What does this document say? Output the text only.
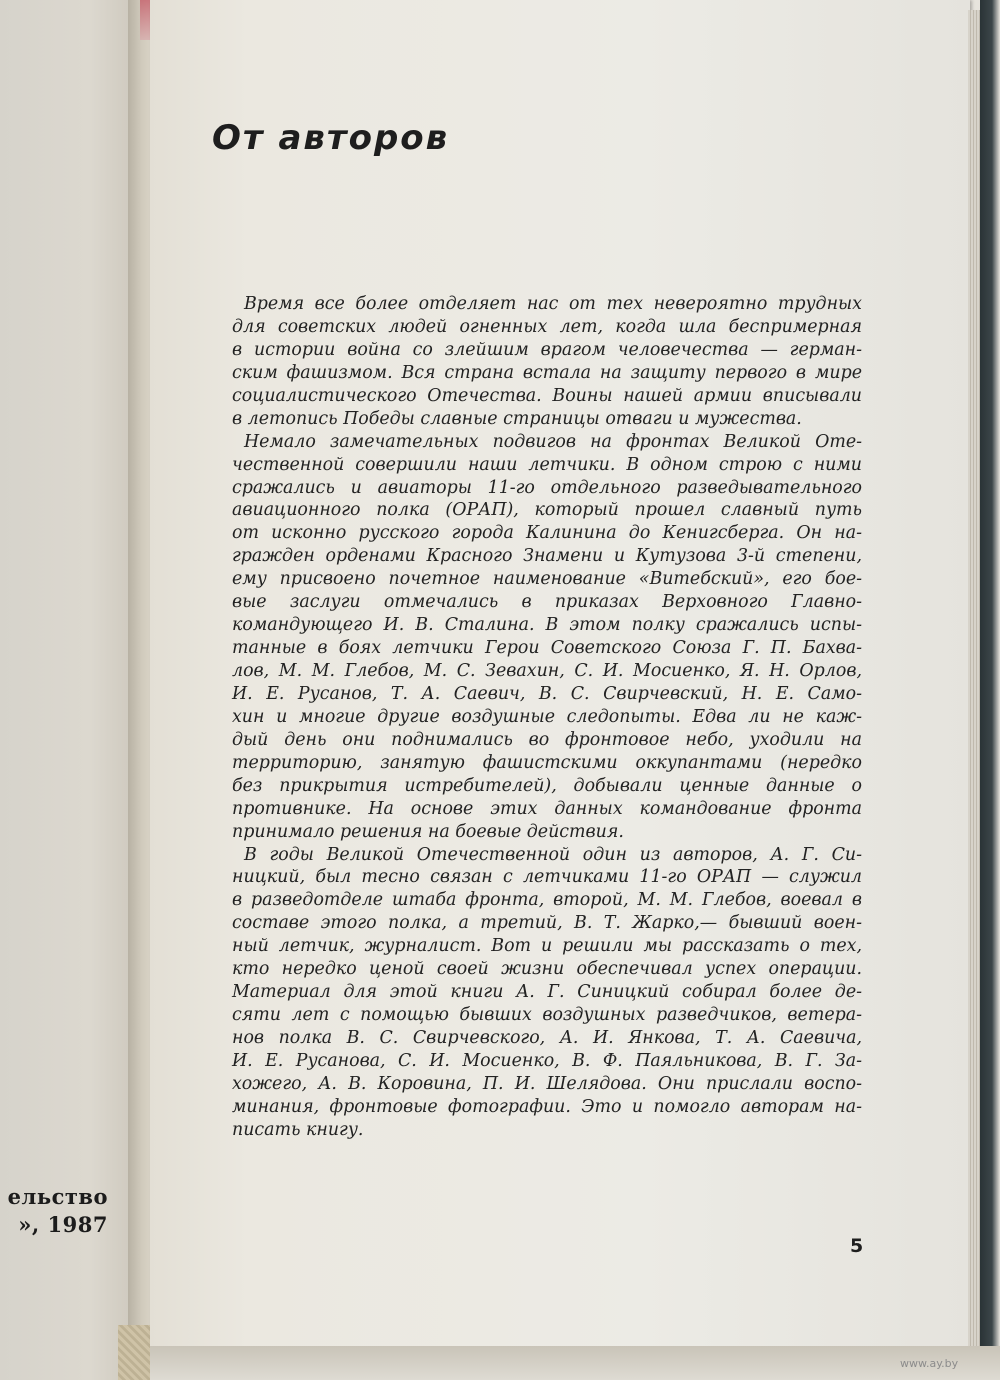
ельство
», 1987
От авторов
Время все более отделяет нас от тех невероятно трудных
для советских людей огненных лет, когда шла беспримерная
в истории война со злейшим врагом человечества — герман-
ским фашизмом. Вся страна встала на защиту первого в мире
социалистического Отечества. Воины нашей армии вписывали
в летопись Победы славные страницы отваги и мужества.
Немало замечательных подвигов на фронтах Великой Оте-
чественной совершили наши летчики. В одном строю с ними
сражались и авиаторы 11-го отдельного разведывательного
авиационного полка (ОРАП), который прошел славный путь
от исконно русского города Калинина до Кенигсберга. Он на-
гражден орденами Красного Знамени и Кутузова 3-й степени,
ему присвоено почетное наименование «Витебский», его боe-
вые заслуги отмечались в приказах Верховного Главно-
командующего И. В. Сталина. В этом полку сражались испы-
танные в боях летчики Герои Советского Союза Г. П. Бахва-
лов, М. М. Глебов, М. С. Зевахин, С. И. Мосиенко, Я. Н. Орлов,
И. Е. Русанов, Т. А. Саевич, В. С. Свирчевский, Н. Е. Само-
хин и многие другие воздушные следопыты. Едва ли не каж-
дый день они поднимались во фронтовое небо, уходили на
территорию, занятую фашистскими оккупантами (нередко
без прикрытия истребителей), добывали ценные данные о
противнике. На основе этих данных командование фронта
принимало решения на боевые действия.
В годы Великой Отечественной один из авторов, А. Г. Си-
ницкий, был тесно связан с летчиками 11-го ОРАП — служил
в разведотделе штаба фронта, второй, М. М. Глебов, воевал в
составе этого полка, а третий, В. Т. Жарко,— бывший воен-
ный летчик, журналист. Вот и решили мы рассказать о тех,
кто нередко ценой своей жизни обеспечивал успех операции.
Материал для этой книги А. Г. Синицкий собирал более де-
сяти лет с помощью бывших воздушных разведчиков, ветера-
нов полка В. С. Свирчевского, А. И. Янкова, Т. А. Саевича,
И. Е. Русанова, С. И. Мосиенко, В. Ф. Паяльникова, В. Г. За-
хожего, А. В. Коровина, П. И. Шелядова. Они прислали воспо-
минания, фронтовые фотографии. Это и помогло авторам на-
писать книгу.
5
www.ay.by
